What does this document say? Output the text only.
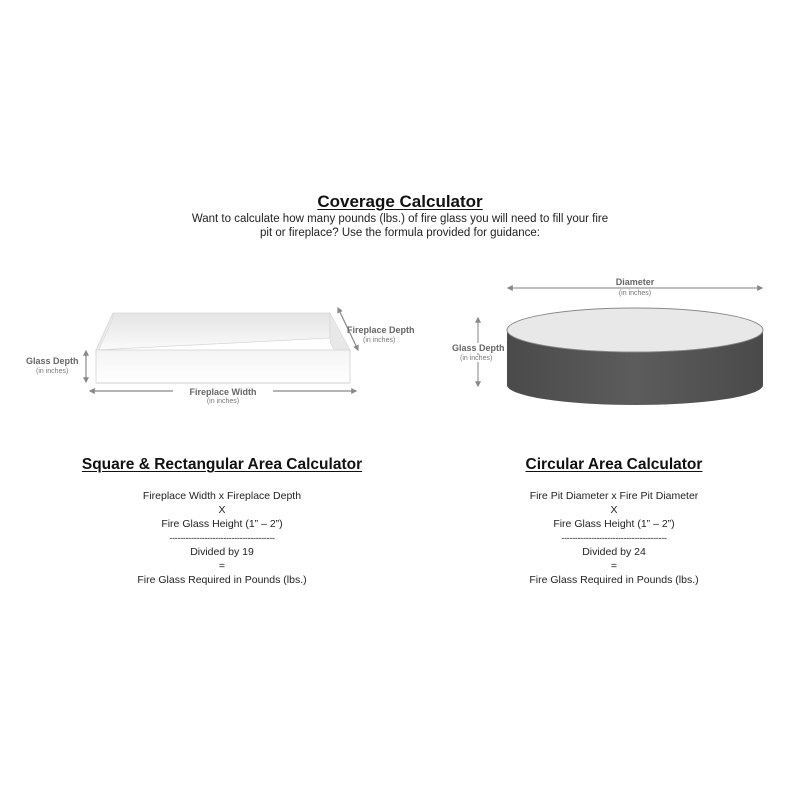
Coverage Calculator
Want to calculate how many pounds (lbs.) of fire glass you will need to fill your fire
pit or fireplace? Use the formula provided for guidance:
Fireplace Depth
(in inches)
Glass Depth
(in inches)
Fireplace Width
(in inches)
Diameter
(in inches)
Glass Depth
(in inches)
Square & Rectangular Area Calculator
Fireplace Width x Fireplace Depth
X
Fire Glass Height (1” – 2”)
---------------------------------------
Divided by 19
=
Fire Glass Required in Pounds (lbs.)
Circular Area Calculator
Fire Pit Diameter x Fire Pit Diameter
X
Fire Glass Height (1” – 2”)
---------------------------------------
Divided by 24
=
Fire Glass Required in Pounds (lbs.)
